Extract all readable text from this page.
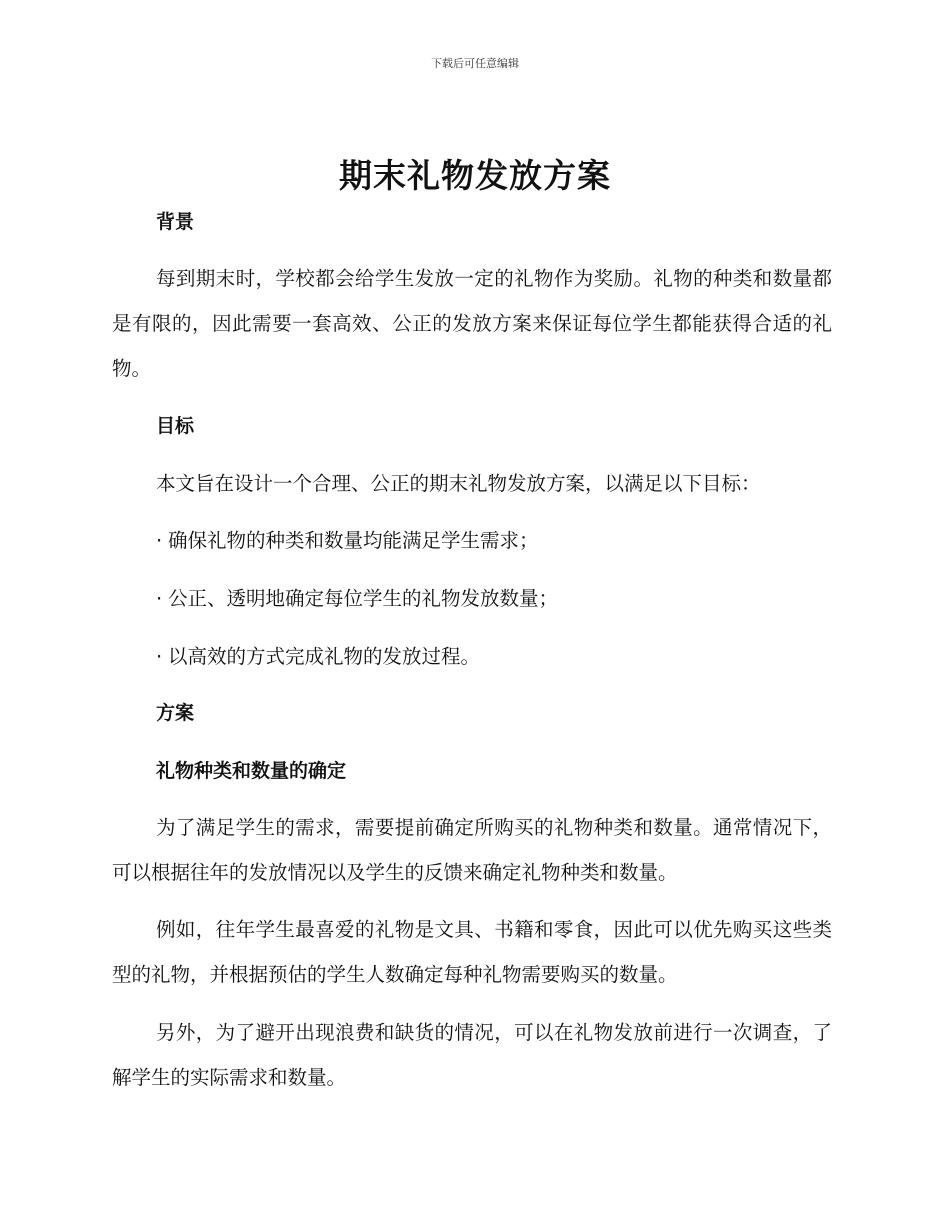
下载后可任意编辑
期末礼物发放方案
背景

每到期末时，学校都会给学生发放一定的礼物作为奖励。礼物的种类和数量都是有限的，因此需要一套高效、公正的发放方案来保证每位学生都能获得合适的礼物。

目标
本文旨在设计一个合理、公正的期末礼物发放方案，以满足以下目标：
· 确保礼物的种类和数量均能满足学生需求；
· 公正、透明地确定每位学生的礼物发放数量；
· 以高效的方式完成礼物的发放过程。
方案
礼物种类和数量的确定

为了满足学生的需求，需要提前确定所购买的礼物种类和数量。通常情况下，可以根据往年的发放情况以及学生的反馈来确定礼物种类和数量。

例如，往年学生最喜爱的礼物是文具、书籍和零食，因此可以优先购买这些类型的礼物，并根据预估的学生人数确定每种礼物需要购买的数量。

另外，为了避开出现浪费和缺货的情况，可以在礼物发放前进行一次调查，了解学生的实际需求和数量。
